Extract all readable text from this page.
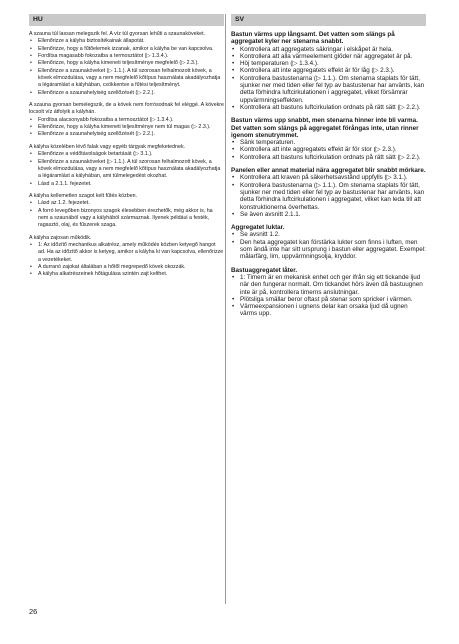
HU

A szauna túl lassan melegszik fel. A víz túl gyorsan lehűti a szaunaköveket.

• Ellenőrizze a kályha biztosítékainak állapotát.
• Ellenőrizze, hogy a fűtőelemek izzanak, amikor a kályha be van kapcsolva.
• Fordítsa magasabb fokozatba a termosztátot (▷ 1.3.4.).
• Ellenőrizze, hogy a kályha kimeneti teljesítménye megfelelő (▷ 2.3.).
• Ellenőrizze a szaunaköveket (▷ 1.1.). A túl szorosan felhalmozott kövek, a kövek elmozdulása, vagy a nem megfelelő kőtípus használata akadályozhatja a légáramlást a kályhában, csökkentve a fűtési teljesítményt.
• Ellenőrizze a szaunahelyiség szellőzését (▷ 2.2.).

A szauna gyorsan bemelegszik, de a kövek nem forrósodnak fel eléggé. A kövekre locsolt víz átfolyik a kályhán.

• Fordítsa alacsonyabb fokozatba a termosztátot (▷ 1.3.4.).
• Ellenőrizze, hogy a kályha kimeneti teljesítménye nem túl magas (▷ 2.3.).
• Ellenőrizze a szaunahelyiség szellőzését (▷ 2.2.).

A kályha közelében lévő falak vagy egyéb tárgyak megfeketednek.

• Ellenőrizze a védőtávolságok betartását (▷ 3.1.).
• Ellenőrizze a szaunaköveket (▷ 1.1.). A túl szorosan felhalmozott kövek, a kövek elmozdulása, vagy a nem megfelelő kőtípus használata akadályozhatja a légáramlást a kályhában, ami túlmelegedést okozhat.
• Lásd a 2.1.1. fejezetet.

A kályha kellemetlen szagot kelt fűtés közben.

• Lásd az 1.2. fejezetet.
• A forró levegőben bizonyos szagok élesebben érezhetők, még akkor is, ha nem a szaunából vagy a kályhából származnak. Ilyenek például a festék, ragasztó, olaj, és fűszerek szaga.

A kályha zajosan működik.

• 1: Az időzítő mechanikus alkatrész, amely működés közben ketyegő hangot ad. Ha az időzítő akkor is ketyeg, amikor a kályha ki van kapcsolva, ellenőrizze a vezetékeket.
• A durranó zajokat általában a hőtől megrepedő kövek okozzák.
• A kályha alkatrészeinek hőtágulása szintén zajt kelthet.
SV

Bastun värms upp långsamt. Det vatten som slängs på aggregatet kyler ner stenarna snabbt.

• Kontrollera att aggregatets säkringar i elskåpet är hela.
• Kontrollera att alla värmeelement glöder när aggregatet är på.
• Höj temperaturen (▷ 1.3.4.).
• Kontrollera att inte aggregatets effekt är för låg (▷ 2.3.).
• Kontrollera bastustenarna (▷ 1.1.). Om stenarna staplats för tätt, sjunker ner med tiden eller fel typ av bastustenar har använts, kan detta förhindra luftcirkulationen i aggregatet, vilket försämrar uppvärmningseffekten.
• Kontrollera att bastuns luftcirkulation ordnats på rätt sätt (▷ 2.2.).

Bastun värms upp snabbt, men stenarna hinner inte bli varma. Det vatten som slängs på aggregatet förångas inte, utan rinner igenom stenutrymmet.

• Sänk temperaturen.
• Kontrollera att inte aggregatets effekt är för stor (▷ 2.3.).
• Kontrollera att bastuns luftcirkulation ordnats på rätt sätt (▷ 2.2.).

Panelen eller annat material nära aggregatet blir snabbt mörkare.

• Kontrollera att kraven på säkerhetsavstånd uppfylls (▷ 3.1.).
• Kontrollera bastustenarna (▷ 1.1.). Om stenarna staplats för tätt, sjunker ner med tiden eller fel typ av bastustenar har använts, kan detta förhindra luftcirkulationen i aggregatet, vilket kan leda till att konstruktionerna överhettas.
• Se även avsnitt 2.1.1.

Aggregatet luktar.

• Se avsnitt 1.2.
• Den heta aggregatet kan förstärka lukter som finns i luften, men som ändå inte har sitt ursprung i bastun eller aggregatet. Exempel: målarfärg, lim, uppvärmningsolja, kryddor.

Bastuaggregatet låter.

• 1: Timern är en mekanisk enhet och ger ifrån sig ett tickande ljud när den fungerar normalt. Om tickandet hörs även då bastuugnen inte är på, kontrollera timerns anslutningar.
• Plötsliga smällar beror oftast på stenar som spricker i värmen.
• Värmeexpansionen i ugnens delar kan orsaka ljud då ugnen värms upp.
26
